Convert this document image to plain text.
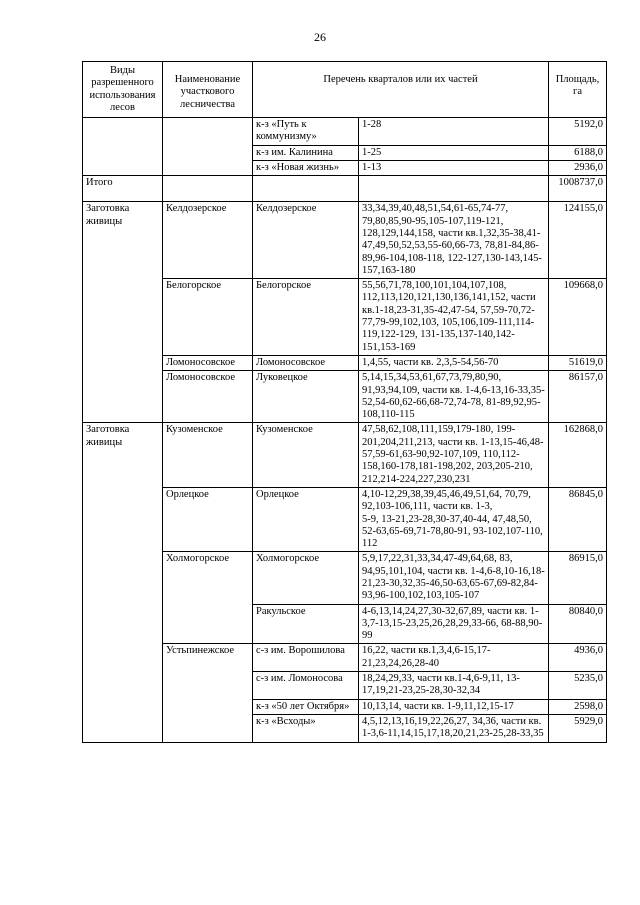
26
Виды разрешенного использования лесов	Наименование участкового лесничества	Перечень кварталов или их частей		Площадь, га
		к-з «Путь к коммунизму»	1-28	5192,0
		к-з им. Калинина	1-25	6188,0
		к-з «Новая жизнь»	1-13	2936,0
Итого				1008737,0
Заготовка живицы	Келдозерское	Келдозерское	33,34,39,40,48,51,54,61-65,74-77, 79,80,85,90-95,105-107,119-121, 128,129,144,158, части кв.1,32,35-38,41-47,49,50,52,53,55-60,66-73, 78,81-84,86-89,96-104,108-118, 122-127,130-143,145-157,163-180	124155,0
	Белогорское	Белогорское	55,56,71,78,100,101,104,107,108, 112,113,120,121,130,136,141,152, части кв.1-18,23-31,35-42,47-54, 57,59-70,72-77,79-99,102,103, 105,106,109-111,114-119,122-129, 131-135,137-140,142-151,153-169	109668,0
	Ломоносовское	Ломоносовское	1,4,55, части кв. 2,3,5-54,56-70	51619,0
	Ломоносовское	Луковецкое	5,14,15,34,53,61,67,73,79,80,90, 91,93,94,109, части кв. 1-4,6-13,16-33,35-52,54-60,62-66,68-72,74-78, 81-89,92,95-108,110-115	86157,0
Заготовка живицы	Кузоменское	Кузоменское	47,58,62,108,111,159,179-180, 199-201,204,211,213, части кв. 1-13,15-46,48-57,59-61,63-90,92-107,109, 110,112-158,160-178,181-198,202, 203,205-210, 212,214-224,227,230,231	162868,0
	Орлецкое	Орлецкое	4,10-12,29,38,39,45,46,49,51,64, 70,79, 92,103-106,111, части кв. 1-3,
5-9, 13-21,23-28,30-37,40-44, 47,48,50, 52-63,65-69,71-78,80-91, 93-102,107-110, 112	86845,0
	Холмогорское	Холмогорское	5,9,17,22,31,33,34,47-49,64,68, 83, 94,95,101,104, части кв. 1-4,6-8,10-16,18-21,23-30,32,35-46,50-63,65-67,69-82,84-93,96-100,102,103,105-107	86915,0
		Ракульское	4-6,13,14,24,27,30-32,67,89, части кв. 1-3,7-13,15-23,25,26,28,29,33-66, 68-88,90-99	80840,0
	Устьпинежское	с-з им. Ворошилова	16,22, части кв.1,3,4,6-15,17-21,23,24,26,28-40	4936,0
		с-з им. Ломоносова	18,24,29,33, части кв.1-4,6-9,11, 13-17,19,21-23,25-28,30-32,34	5235,0
		к-з «50 лет Октября»	10,13,14, части кв. 1-9,11,12,15-17	2598,0
		к-з «Всходы»	4,5,12,13,16,19,22,26,27, 34,36, части кв. 1-3,6-11,14,15,17,18,20,21,23-25,28-33,35	5929,0
